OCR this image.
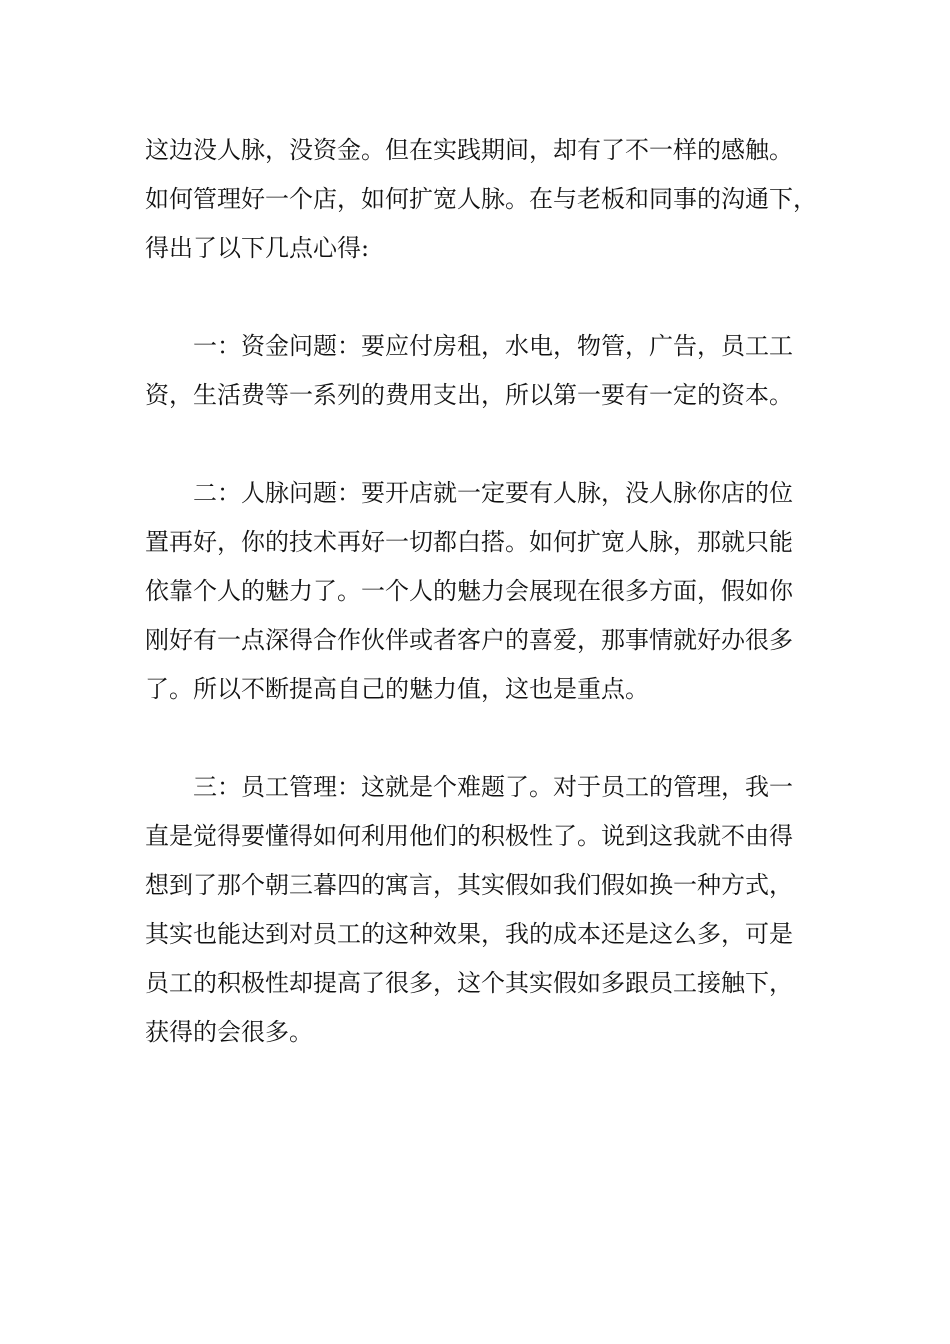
这边没人脉，没资金。但在实践期间，却有了不一样的感触。
如何管理好一个店，如何扩宽人脉。在与老板和同事的沟通下，
得出了以下几点心得:
一：资金问题：要应付房租，水电，物管，广告，员工工
资，生活费等一系列的费用支出，所以第一要有一定的资本。
二：人脉问题：要开店就一定要有人脉，没人脉你店的位
置再好，你的技术再好一切都白搭。如何扩宽人脉，那就只能
依靠个人的魅力了。一个人的魅力会展现在很多方面，假如你
刚好有一点深得合作伙伴或者客户的喜爱，那事情就好办很多
了。所以不断提高自己的魅力值，这也是重点。
三：员工管理：这就是个难题了。对于员工的管理，我一
直是觉得要懂得如何利用他们的积极性了。说到这我就不由得
想到了那个朝三暮四的寓言，其实假如我们假如换一种方式，
其实也能达到对员工的这种效果，我的成本还是这么多，可是
员工的积极性却提高了很多，这个其实假如多跟员工接触下，
获得的会很多。
